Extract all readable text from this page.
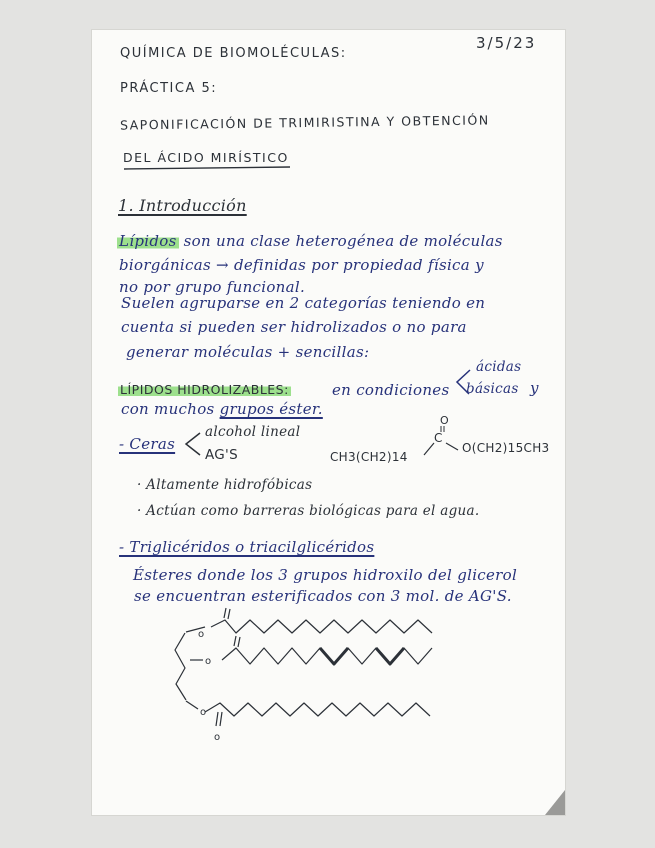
QUÍMICA DE BIOMOLÉCULAS:
3/5/23
PRÁCTICA 5:
SAPONIFICACIÓN DE TRIMIRISTINA Y OBTENCIÓN
DEL ÁCIDO MIRÍSTICO
1. Introducción
Lípidos son una clase heterogénea de moléculas
biorgánicas → definidas por propiedad física y
no por grupo funcional.
Suelen agruparse en 2 categorías teniendo en
cuenta si pueden ser hidrolizados o no para
generar moléculas + sencillas:
LÍPIDOS HIDROLIZABLES:	en condiciones
ácidas
básicas y
con muchos grupos éster.
- Ceras
alcohol lineal
AG'S	CH3(CH2)14
O
C
O(CH2)15CH3
· Altamente hidrofóbicas
· Actúan como barreras biológicas para el agua.
- Triglicéridos o triacilglicéridos
Ésteres donde los 3 grupos hidroxilo del glicerol
se encuentran esterificados con 3 mol. de AG'S.
o
o
o
o
